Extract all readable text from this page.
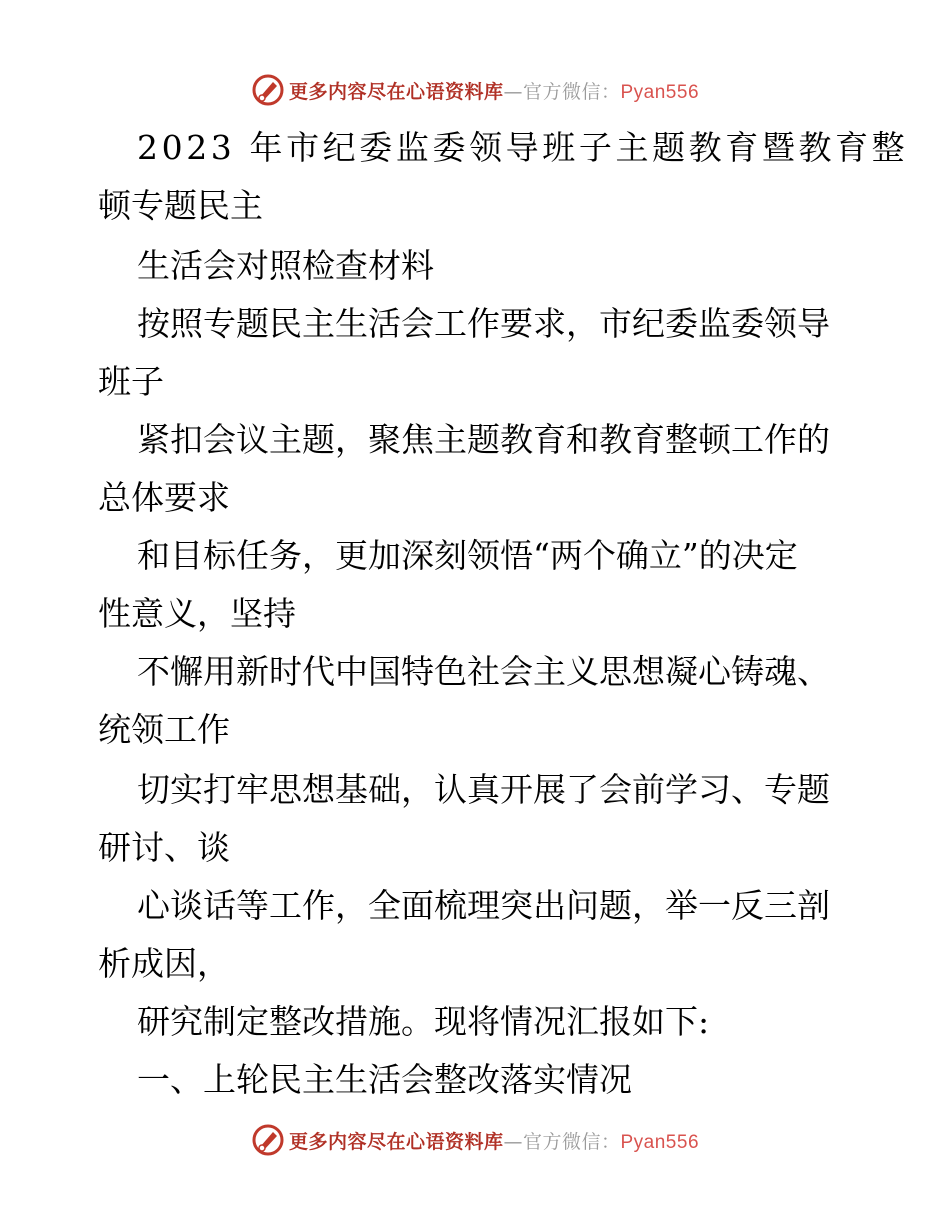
更多内容尽在心语资料库—官方微信：Pyan556
2023 年市纪委监委领导班子主题教育暨教育整
顿专题民主
生活会对照检查材料
按照专题民主生活会工作要求，市纪委监委领导
班子
紧扣会议主题，聚焦主题教育和教育整顿工作的
总体要求
和目标任务，更加深刻领悟“两个确立”的决定
性意义，坚持
不懈用新时代中国特色社会主义思想凝心铸魂、
统领工作
切实打牢思想基础，认真开展了会前学习、专题
研讨、谈
心谈话等工作，全面梳理突出问题，举一反三剖
析成因，
研究制定整改措施。现将情况汇报如下:
一、上轮民主生活会整改落实情况
更多内容尽在心语资料库—官方微信：Pyan556
